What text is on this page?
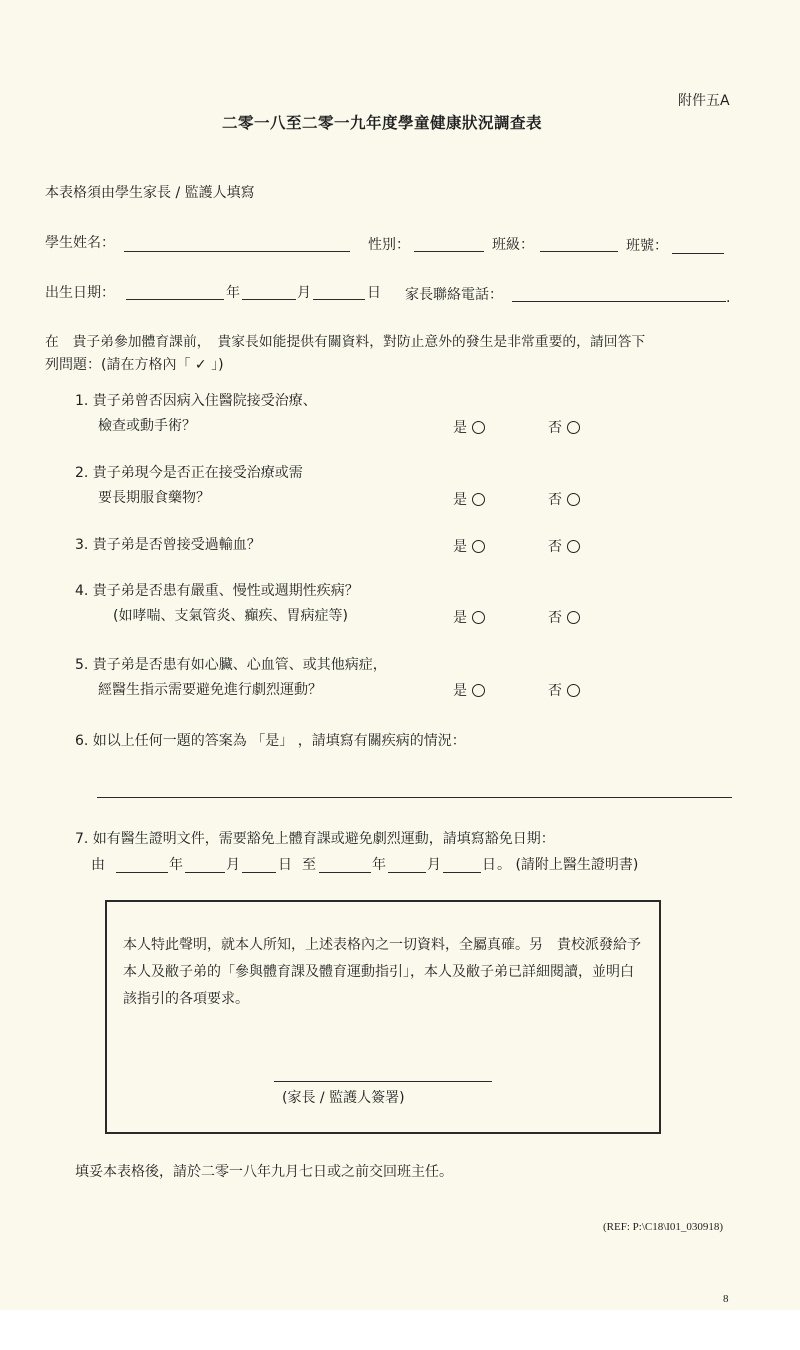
附件五A
二零一八至二零一九年度學童健康狀況調查表
本表格須由學生家長 / 監護人填寫
學生姓名：	性別：	班級：	班號：
出生日期：	年	月	日 家長聯絡電話：	.
在　貴子弟參加體育課前，　貴家長如能提供有關資料，對防止意外的發生是非常重要的，請回答下
列問題：(請在方格內「 ✓ 」)
1. 貴子弟曾否因病入住醫院接受治療、
檢查或動手術？	是	否
2. 貴子弟現今是否正在接受治療或需
要長期服食藥物？	是	否
3. 貴子弟是否曾接受過輸血？	是	否
4. 貴子弟是否患有嚴重、慢性或週期性疾病？
(如哮喘、支氣管炎、癲疾、胃病症等)	是	否
5. 貴子弟是否患有如心臟、心血管、或其他病症，
經醫生指示需要避免進行劇烈運動？	是	否
6. 如以上任何一題的答案為 「是」 ，請填寫有關疾病的情況：
7. 如有醫生證明文件，需要豁免上體育課或避免劇烈運動，請填寫豁免日期：
由	年	月	日 至	年	月	日 。 (請附上醫生證明書)
本人特此聲明，就本人所知，上述表格內之一切資料，全屬真確。另　貴校派發給予本人及敝子弟的「參與體育課及體育運動指引」，本人及敝子弟已詳細閱讀，並明白該指引的各項要求。
(家長 / 監護人簽署)
填妥本表格後，請於二零一八年九月七日或之前交回班主任。
(REF: P:\C18\I01_030918)
8
